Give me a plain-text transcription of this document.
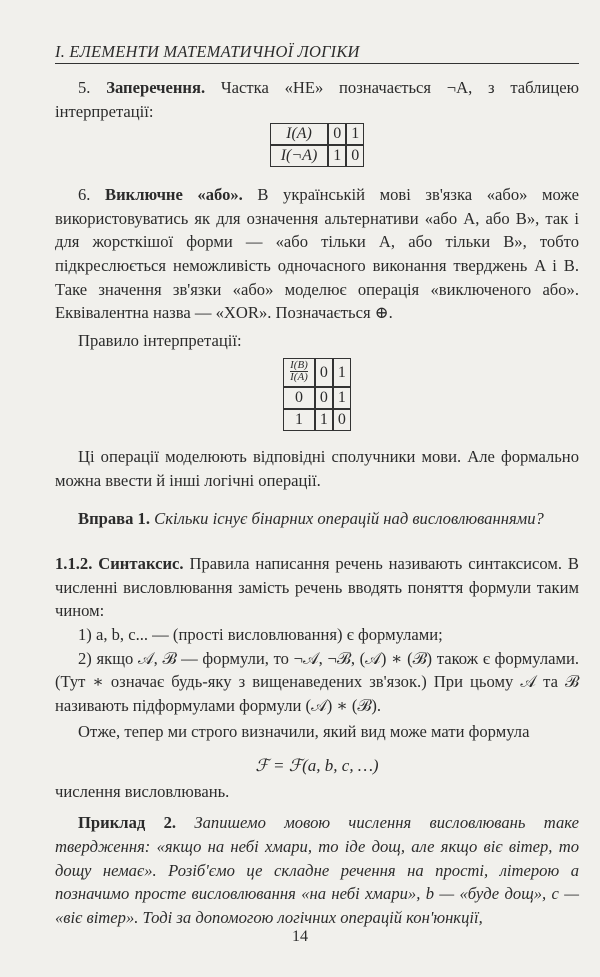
І. ЕЛЕМЕНТИ МАТЕМАТИЧНОЇ ЛОГІКИ

5. Заперечення. Частка «НЕ» позначається ¬A, з таблицею інтерпретації:

I(A)	0	1
I(¬A)	1	0

6. Виключне «або». В українській мові зв'язка «або» може використовуватись як для означення альтернативи «або A, або B», так і для жорсткішої форми — «або тільки A, або тільки B», тобто підкреслюється неможливість одночасного виконання тверджень A і B. Таке значення зв'язки «або» моделює операція «виключеного або». Еквівалентна назва — «XOR». Позначається ⊕.

Правило інтерпретації:

$\frac{I(B)}{I(A)}$	0	1
0	0	1
1	1	0

Ці операції моделюють відповідні сполучники мови. Але формально можна ввести й інші логічні операції.

Вправа 1. Скільки існує бінарних операцій над висловлюваннями?

1.1.2. Синтаксис. Правила написання речень називають синтаксисом. В численні висловлювання замість речень вводять поняття формули таким чином:

1) a, b, c... — (прості висловлювання) є формулами;

2) якщо 𝒜, ℬ — формули, то ¬𝒜, ¬ℬ, (𝒜) ∗ (ℬ) також є формулами. (Тут ∗ означає будь-яку з вищенаведених зв'язок.) При цьому 𝒜 та ℬ називають підформулами формули (𝒜) ∗ (ℬ).

Отже, тепер ми строго визначили, який вид може мати формула

ℱ = ℱ(a, b, c, …)

числення висловлювань.

Приклад 2. Запишемо мовою числення висловлювань таке твердження: «якщо на небі хмари, то іде дощ, але якщо віє вітер, то дощу немає». Розіб'ємо це складне речення на прості, літерою a позначимо просте висловлювання «на небі хмари», b — «буде дощ», c — «віє вітер». Тоді за допомогою логічних операцій кон'юнкції,

14
